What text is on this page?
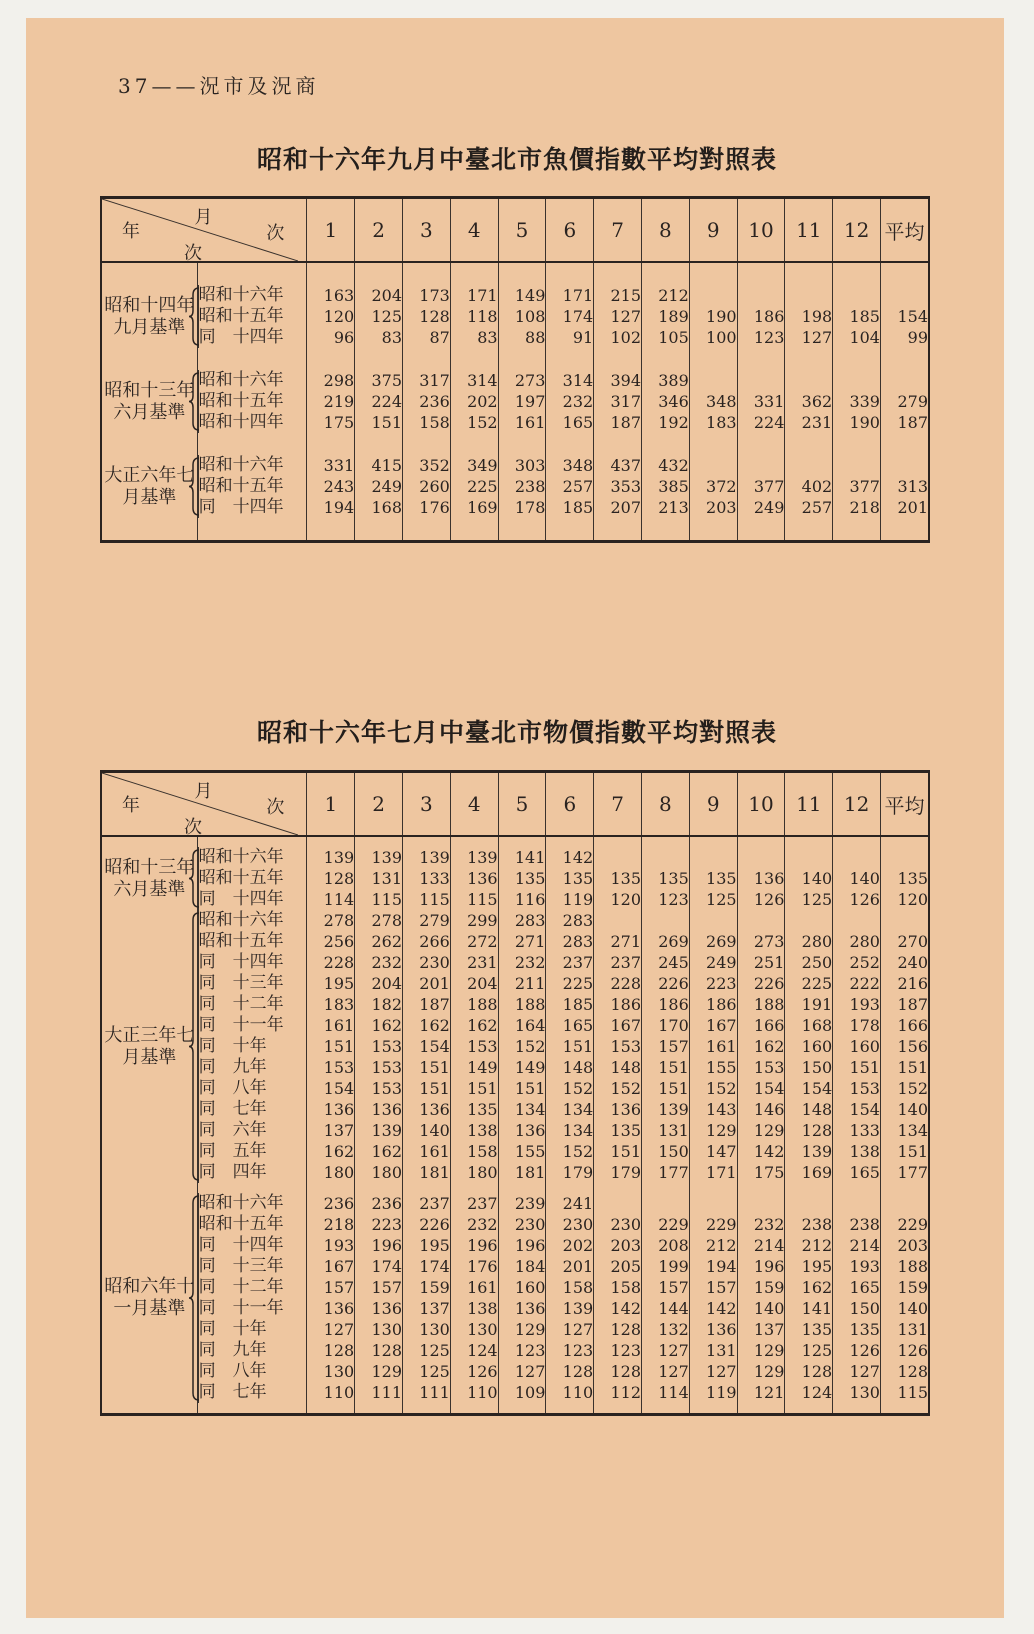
37——況市及況商
昭和十六年九月中臺北市魚價指數平均對照表
月
年 次
次		1	2	3	4	5	6	7	8	9	10	11	12	平均

昭和十四年九月基準	昭和十六年	163	204	173	171	149	171	215	212					
	昭和十五年	120	125	128	118	108	174	127	189	190	186	198	185	154
	同　十四年	96	83	87	83	88	91	102	105	100	123	127	104	99

昭和十三年六月基準	昭和十六年	298	375	317	314	273	314	394	389					
	昭和十五年	219	224	236	202	197	232	317	346	348	331	362	339	279
	昭和十四年	175	151	158	152	161	165	187	192	183	224	231	190	187

大正六年七月基準	昭和十六年	331	415	352	349	303	348	437	432					
	昭和十五年	243	249	260	225	238	257	353	385	372	377	402	377	313
	同　十四年	194	168	176	169	178	185	207	213	203	249	257	218	201

昭和十六年七月中臺北市物價指數平均對照表
月
年 次
次		1	2	3	4	5	6	7	8	9	10	11	12	平均

昭和十三年六月基準	昭和十六年	139	139	139	139	141	142							
	昭和十五年	128	131	133	136	135	135	135	135	135	136	140	140	135
	同　十四年	114	115	115	115	116	119	120	123	125	126	125	126	120
大正三年七月基準	昭和十六年	278	278	279	299	283	283							
	昭和十五年	256	262	266	272	271	283	271	269	269	273	280	280	270
	同　十四年	228	232	230	231	232	237	237	245	249	251	250	252	240
	同　十三年	195	204	201	204	211	225	228	226	223	226	225	222	216
	同　十二年	183	182	187	188	188	185	186	186	186	188	191	193	187
	同　十一年	161	162	162	162	164	165	167	170	167	166	168	178	166
	同　十年	151	153	154	153	152	151	153	157	161	162	160	160	156
	同　九年	153	153	151	149	149	148	148	151	155	153	150	151	151
	同　八年	154	153	151	151	151	152	152	151	152	154	154	153	152
	同　七年	136	136	136	135	134	134	136	139	143	146	148	154	140
	同　六年	137	139	140	138	136	134	135	131	129	129	128	133	134
	同　五年	162	162	161	158	155	152	151	150	147	142	139	138	151
	同　四年	180	180	181	180	181	179	179	177	171	175	169	165	177

昭和六年十一月基準	昭和十六年	236	236	237	237	239	241							
	昭和十五年	218	223	226	232	230	230	230	229	229	232	238	238	229
	同　十四年	193	196	195	196	196	202	203	208	212	214	212	214	203
	同　十三年	167	174	174	176	184	201	205	199	194	196	195	193	188
	同　十二年	157	157	159	161	160	158	158	157	157	159	162	165	159
	同　十一年	136	136	137	138	136	139	142	144	142	140	141	150	140
	同　十年	127	130	130	130	129	127	128	132	136	137	135	135	131
	同　九年	128	128	125	124	123	123	123	127	131	129	125	126	126
	同　八年	130	129	125	126	127	128	128	127	127	129	128	127	128
	同　七年	110	111	111	110	109	110	112	114	119	121	124	130	115
